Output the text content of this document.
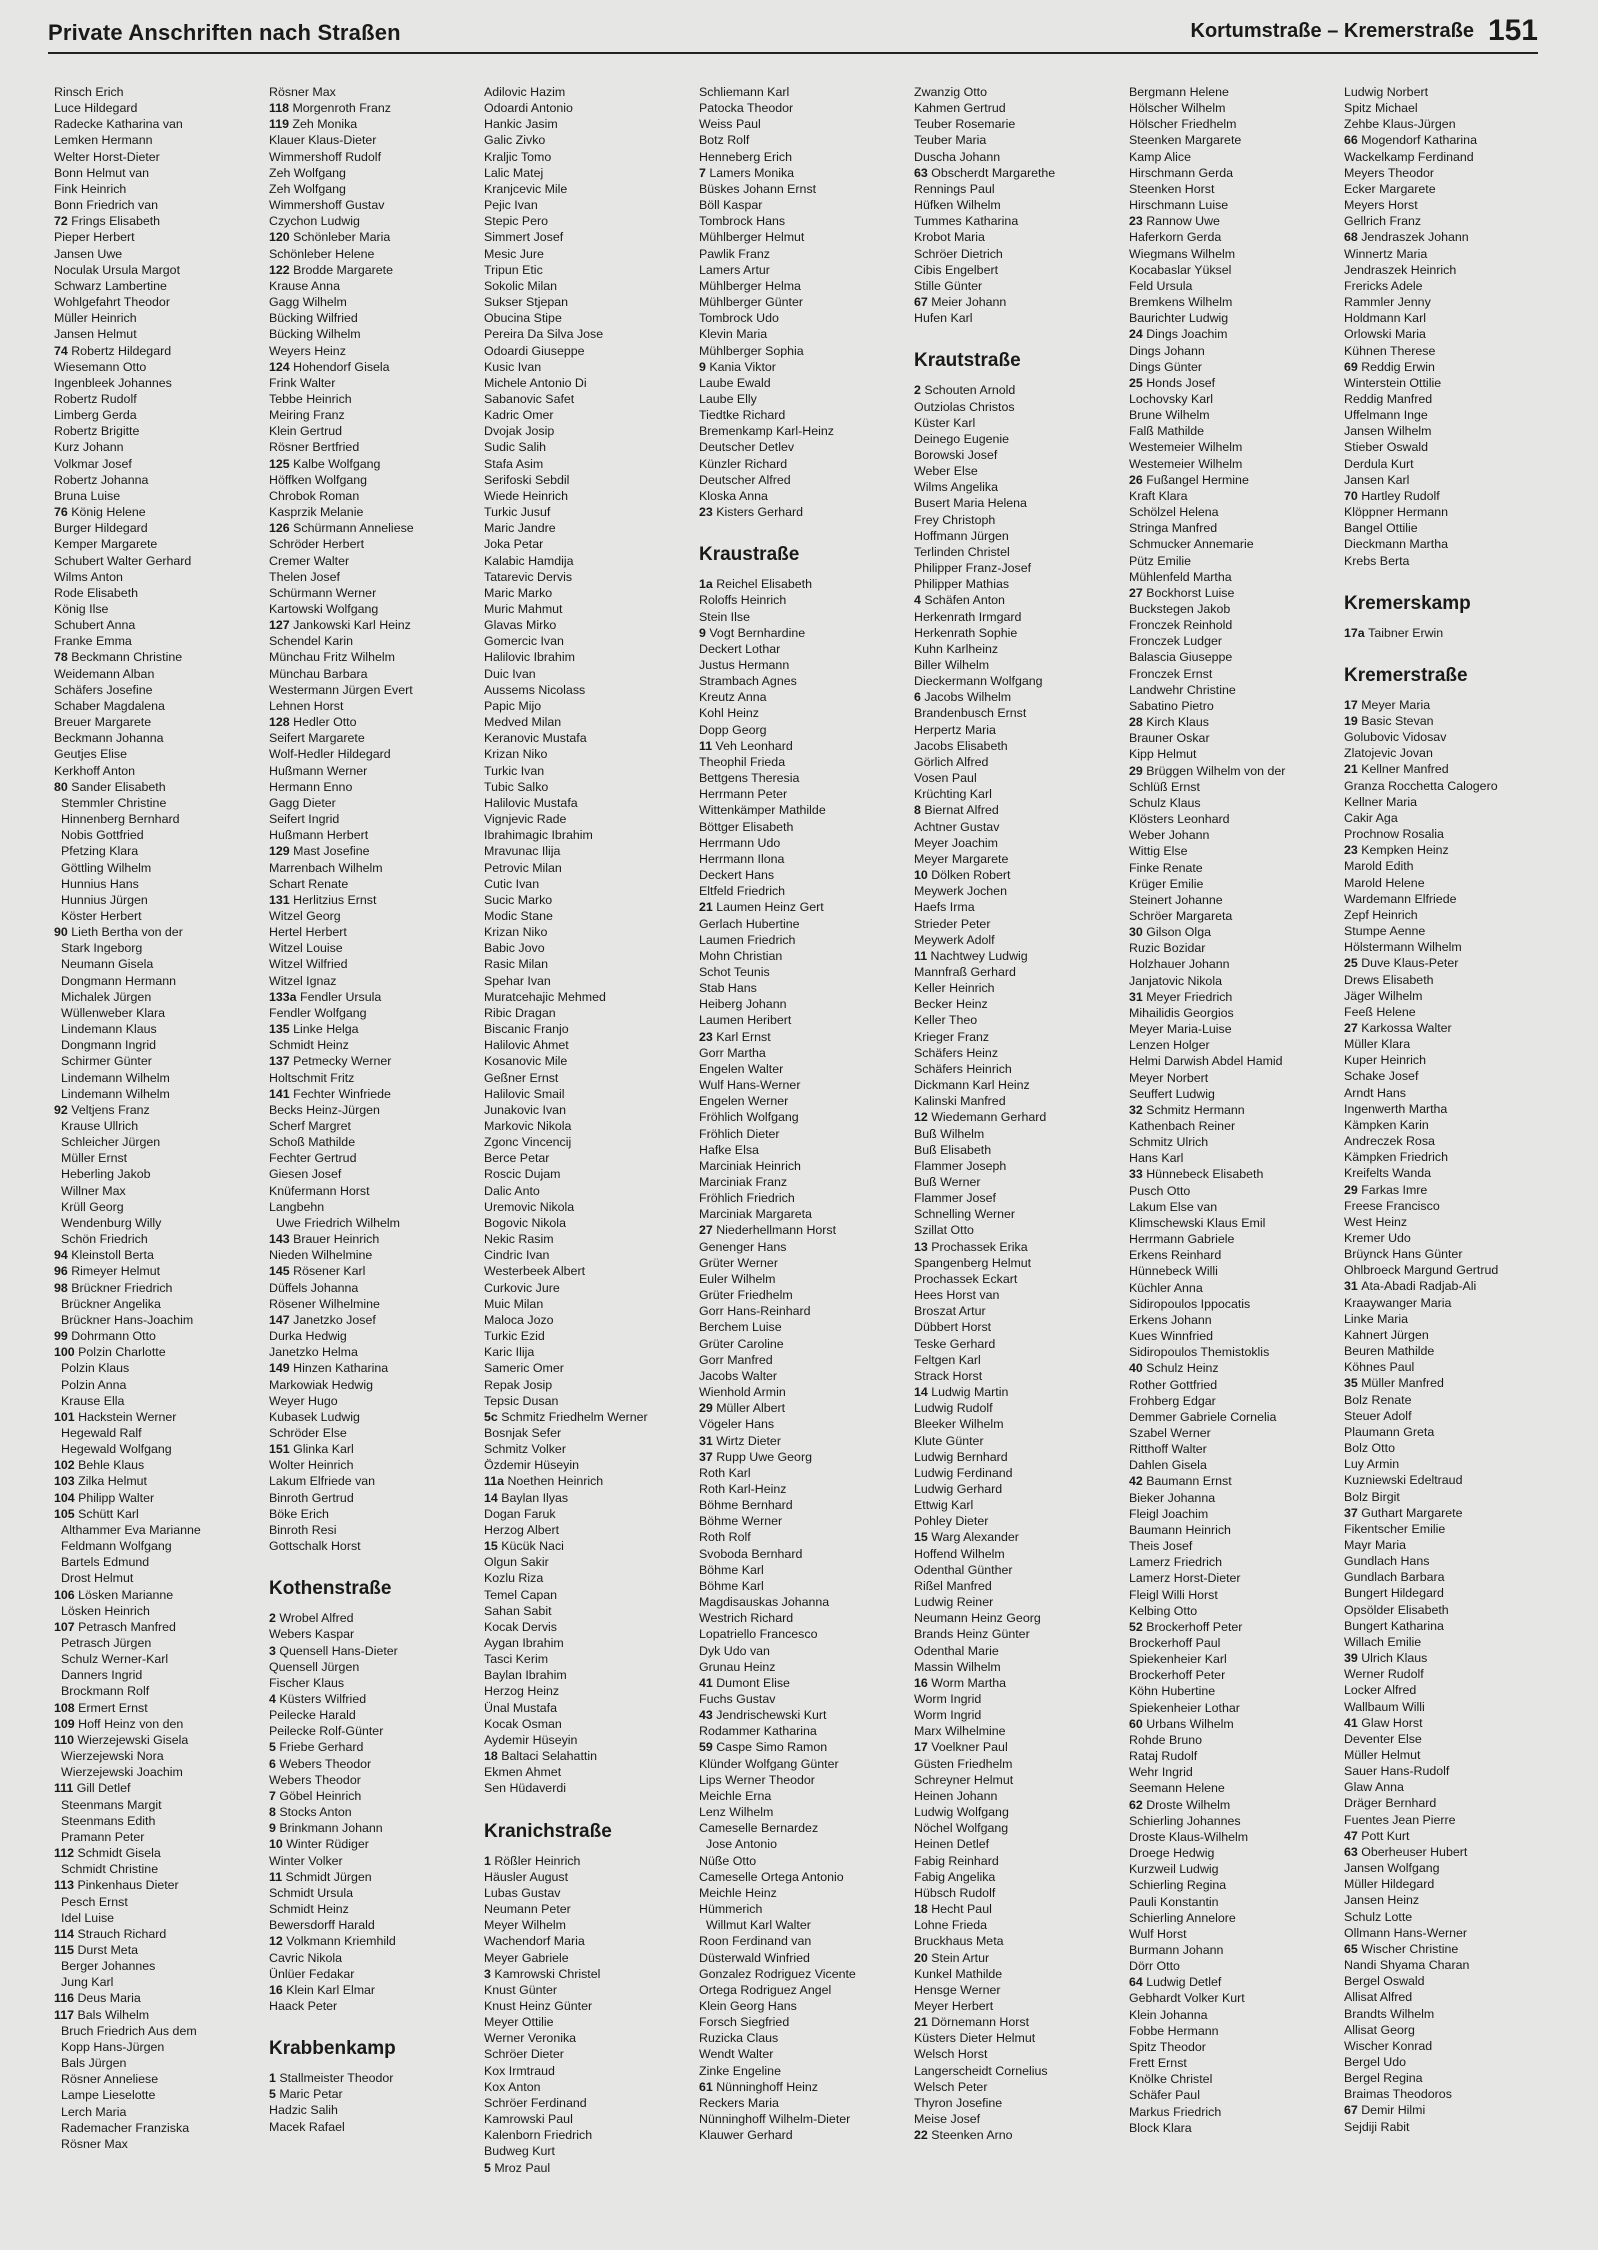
Private Anschriften nach Straßen	Kortumstraße – Kremerstraße 151
Rinsch Erich
Luce Hildegard
Radecke Katharina van
Lemken Hermann
Welter Horst-Dieter
Bonn Helmut van
Fink Heinrich
Bonn Friedrich van
72 Frings Elisabeth
Pieper Herbert
Jansen Uwe
Noculak Ursula Margot
Schwarz Lambertine
Wohlgefahrt Theodor
Müller Heinrich
Jansen Helmut
74 Robertz Hildegard
Wiesemann Otto
Ingenbleek Johannes
Robertz Rudolf
Limberg Gerda
Robertz Brigitte
Kurz Johann
Volkmar Josef
Robertz Johanna
Bruna Luise
76 König Helene
Burger Hildegard
Kemper Margarete
Schubert Walter Gerhard
Wilms Anton
Rode Elisabeth
König Ilse
Schubert Anna
Franke Emma
78 Beckmann Christine
Weidemann Alban
Schäfers Josefine
Schaber Magdalena
Breuer Margarete
Beckmann Johanna
Geutjes Elise
Kerkhoff Anton
80 Sander Elisabeth
Stemmler Christine
Hinnenberg Bernhard
Nobis Gottfried
Pfetzing Klara
Göttling Wilhelm
Hunnius Hans
Hunnius Jürgen
Köster Herbert
90 Lieth Bertha von der
Stark Ingeborg
Neumann Gisela
Dongmann Hermann
Michalek Jürgen
Wüllenweber Klara
Lindemann Klaus
Dongmann Ingrid
Schirmer Günter
Lindemann Wilhelm
Lindemann Wilhelm
92 Veltjens Franz
Krause Ullrich
Schleicher Jürgen
Müller Ernst
Heberling Jakob
Willner Max
Krüll Georg
Wendenburg Willy
Schön Friedrich
94 Kleinstoll Berta
96 Rimeyer Helmut
98 Brückner Friedrich
Brückner Angelika
Brückner Hans-Joachim
99 Dohrmann Otto
100 Polzin Charlotte
Polzin Klaus
Polzin Anna
Krause Ella
101 Hackstein Werner
Hegewald Ralf
Hegewald Wolfgang
102 Behle Klaus
103 Zilka Helmut
104 Philipp Walter
105 Schütt Karl
Althammer Eva Marianne
Feldmann Wolfgang
Bartels Edmund
Drost Helmut
106 Lösken Marianne
Lösken Heinrich
107 Petrasch Manfred
Petrasch Jürgen
Schulz Werner-Karl
Danners Ingrid
Brockmann Rolf
108 Ermert Ernst
109 Hoff Heinz von den
110 Wierzejewski Gisela
Wierzejewski Nora
Wierzejewski Joachim
111 Gill Detlef
Steenmans Margit
Steenmans Edith
Pramann Peter
112 Schmidt Gisela
Schmidt Christine
113 Pinkenhaus Dieter
Pesch Ernst
Idel Luise
114 Strauch Richard
115 Durst Meta
Berger Johannes
Jung Karl
116 Deus Maria
117 Bals Wilhelm
Bruch Friedrich Aus dem
Kopp Hans-Jürgen
Bals Jürgen
Rösner Anneliese
Lampe Lieselotte
Lerch Maria
Rademacher Franziska
Rösner Max
Rösner Max
118 Morgenroth Franz
119 Zeh Monika
Klauer Klaus-Dieter
Wimmershoff Rudolf
Zeh Wolfgang
Zeh Wolfgang
Wimmershoff Gustav
Czychon Ludwig
120 Schönleber Maria
Schönleber Helene
122 Brodde Margarete
Krause Anna
Gagg Wilhelm
Bücking Wilfried
Bücking Wilhelm
Weyers Heinz
124 Hohendorf Gisela
Frink Walter
Tebbe Heinrich
Meiring Franz
Klein Gertrud
Rösner Bertfried
125 Kalbe Wolfgang
Höffken Wolfgang
Chrobok Roman
Kasprzik Melanie
126 Schürmann Anneliese
Schröder Herbert
Cremer Walter
Thelen Josef
Schürmann Werner
Kartowski Wolfgang
127 Jankowski Karl Heinz
Schendel Karin
Münchau Fritz Wilhelm
Münchau Barbara
Westermann Jürgen Evert
Lehnen Horst
128 Hedler Otto
Seifert Margarete
Wolf-Hedler Hildegard
Hußmann Werner
Hermann Enno
Gagg Dieter
Seifert Ingrid
Hußmann Herbert
129 Mast Josefine
Marrenbach Wilhelm
Schart Renate
131 Herlitzius Ernst
Witzel Georg
Hertel Herbert
Witzel Louise
Witzel Wilfried
Witzel Ignaz
133a Fendler Ursula
Fendler Wolfgang
135 Linke Helga
Schmidt Heinz
137 Petmecky Werner
Holtschmit Fritz
141 Fechter Winfriede
Becks Heinz-Jürgen
Scherf Margret
Schoß Mathilde
Fechter Gertrud
Giesen Josef
Knüfermann Horst
Langbehn
Uwe Friedrich Wilhelm
143 Brauer Heinrich
Nieden Wilhelmine
145 Rösener Karl
Düffels Johanna
Rösener Wilhelmine
147 Janetzko Josef
Durka Hedwig
Janetzko Helma
149 Hinzen Katharina
Markowiak Hedwig
Weyer Hugo
Kubasek Ludwig
Schröder Else
151 Glinka Karl
Wolter Heinrich
Lakum Elfriede van
Binroth Gertrud
Böke Erich
Binroth Resi
Gottschalk Horst
Kothenstraße
2 Wrobel Alfred
Webers Kaspar
3 Quensell Hans-Dieter
Quensell Jürgen
Fischer Klaus
4 Küsters Wilfried
Peilecke Harald
Peilecke Rolf-Günter
5 Friebe Gerhard
6 Webers Theodor
Webers Theodor
7 Göbel Heinrich
8 Stocks Anton
9 Brinkmann Johann
10 Winter Rüdiger
Winter Volker
11 Schmidt Jürgen
Schmidt Ursula
Schmidt Heinz
Bewersdorff Harald
12 Volkmann Kriemhild
Cavric Nikola
Ünlüer Fedakar
16 Klein Karl Elmar
Haack Peter
Krabbenkamp
1 Stallmeister Theodor
5 Maric Petar
Hadzic Salih
Macek Rafael
Adilovic Hazim
Odoardi Antonio
Hankic Jasim
Galic Zivko
Kraljic Tomo
Lalic Matej
Kranjcevic Mile
Pejic Ivan
Stepic Pero
Simmert Josef
Mesic Jure
Tripun Etic
Sokolic Milan
Sukser Stjepan
Obucina Stipe
Pereira Da Silva Jose
Odoardi Giuseppe
Kusic Ivan
Michele Antonio Di
Sabanovic Safet
Kadric Omer
Dvojak Josip
Sudic Salih
Stafa Asim
Serifoski Sebdil
Wiede Heinrich
Turkic Jusuf
Maric Jandre
Joka Petar
Kalabic Hamdija
Tatarevic Dervis
Maric Marko
Muric Mahmut
Glavas Mirko
Gomercic Ivan
Halilovic Ibrahim
Duic Ivan
Aussems Nicolass
Papic Mijo
Medved Milan
Keranovic Mustafa
Krizan Niko
Turkic Ivan
Tubic Salko
Halilovic Mustafa
Vignjevic Rade
Ibrahimagic Ibrahim
Mravunac Ilija
Petrovic Milan
Cutic Ivan
Sucic Marko
Modic Stane
Krizan Niko
Babic Jovo
Rasic Milan
Spehar Ivan
Muratcehajic Mehmed
Ribic Dragan
Biscanic Franjo
Halilovic Ahmet
Kosanovic Mile
Geßner Ernst
Halilovic Smail
Junakovic Ivan
Markovic Nikola
Zgonc Vincencij
Berce Petar
Roscic Dujam
Dalic Anto
Uremovic Nikola
Bogovic Nikola
Nekic Rasim
Cindric Ivan
Westerbeek Albert
Curkovic Jure
Muic Milan
Maloca Jozo
Turkic Ezid
Karic Ilija
Sameric Omer
Repak Josip
Tepsic Dusan
5c Schmitz Friedhelm Werner
Bosnjak Sefer
Schmitz Volker
Özdemir Hüseyin
11a Noethen Heinrich
14 Baylan Ilyas
Dogan Faruk
Herzog Albert
15 Kücük Naci
Olgun Sakir
Kozlu Riza
Temel Capan
Sahan Sabit
Kocak Dervis
Aygan Ibrahim
Tasci Kerim
Baylan Ibrahim
Herzog Heinz
Ünal Mustafa
Kocak Osman
Aydemir Hüseyin
18 Baltaci Selahattin
Ekmen Ahmet
Sen Hüdaverdi
Kranichstraße
1 Rößler Heinrich
Häusler August
Lubas Gustav
Neumann Peter
Meyer Wilhelm
Wachendorf Maria
Meyer Gabriele
3 Kamrowski Christel
Knust Günter
Knust Heinz Günter
Meyer Ottilie
Werner Veronika
Schröer Dieter
Kox Irmtraud
Kox Anton
Schröer Ferdinand
Kamrowski Paul
Kalenborn Friedrich
Budweg Kurt
5 Mroz Paul
Schliemann Karl
Patocka Theodor
Weiss Paul
Botz Rolf
Henneberg Erich
7 Lamers Monika
Büskes Johann Ernst
Böll Kaspar
Tombrock Hans
Mühlberger Helmut
Pawlik Franz
Lamers Artur
Mühlberger Helma
Mühlberger Günter
Tombrock Udo
Klevin Maria
Mühlberger Sophia
9 Kania Viktor
Laube Ewald
Laube Elly
Tiedtke Richard
Bremenkamp Karl-Heinz
Deutscher Detlev
Künzler Richard
Deutscher Alfred
Kloska Anna
23 Kisters Gerhard
Kraustraße
1a Reichel Elisabeth
Roloffs Heinrich
Stein Ilse
9 Vogt Bernhardine
Deckert Lothar
Justus Hermann
Strambach Agnes
Kreutz Anna
Kohl Heinz
Dopp Georg
11 Veh Leonhard
Theophil Frieda
Bettgens Theresia
Herrmann Peter
Wittenkämper Mathilde
Böttger Elisabeth
Herrmann Udo
Herrmann Ilona
Deckert Hans
Eltfeld Friedrich
21 Laumen Heinz Gert
Gerlach Hubertine
Laumen Friedrich
Mohn Christian
Schot Teunis
Stab Hans
Heiberg Johann
Laumen Heribert
23 Karl Ernst
Gorr Martha
Engelen Walter
Wulf Hans-Werner
Engelen Werner
Fröhlich Wolfgang
Fröhlich Dieter
Hafke Elsa
Marciniak Heinrich
Marciniak Franz
Fröhlich Friedrich
Marciniak Margareta
27 Niederhellmann Horst
Genenger Hans
Grüter Werner
Euler Wilhelm
Grüter Friedhelm
Gorr Hans-Reinhard
Berchem Luise
Grüter Caroline
Gorr Manfred
Jacobs Walter
Wienhold Armin
29 Müller Albert
Vögeler Hans
31 Wirtz Dieter
37 Rupp Uwe Georg
Roth Karl
Roth Karl-Heinz
Böhme Bernhard
Böhme Werner
Roth Rolf
Svoboda Bernhard
Böhme Karl
Böhme Karl
Magdisauskas Johanna
Westrich Richard
Lopatriello Francesco
Dyk Udo van
Grunau Heinz
41 Dumont Elise
Fuchs Gustav
43 Jendrischewski Kurt
Rodammer Katharina
59 Caspe Simo Ramon
Klünder Wolfgang Günter
Lips Werner Theodor
Meichle Erna
Lenz Wilhelm
Cameselle Bernardez
Jose Antonio
Nüße Otto
Cameselle Ortega Antonio
Meichle Heinz
Hümmerich
Willmut Karl Walter
Roon Ferdinand van
Düsterwald Winfried
Gonzalez Rodriguez Vicente
Ortega Rodriguez Angel
Klein Georg Hans
Forsch Siegfried
Ruzicka Claus
Wendt Walter
Zinke Engeline
61 Nünninghoff Heinz
Reckers Maria
Nünninghoff Wilhelm-Dieter
Klauwer Gerhard
Zwanzig Otto
Kahmen Gertrud
Teuber Rosemarie
Teuber Maria
Duscha Johann
63 Obscherdt Margarethe
Rennings Paul
Hüfken Wilhelm
Tummes Katharina
Krobot Maria
Schröer Dietrich
Cibis Engelbert
Stille Günter
67 Meier Johann
Hufen Karl
Krautstraße
2 Schouten Arnold
Outziolas Christos
Küster Karl
Deinego Eugenie
Borowski Josef
Weber Else
Wilms Angelika
Busert Maria Helena
Frey Christoph
Hoffmann Jürgen
Terlinden Christel
Philipper Franz-Josef
Philipper Mathias
4 Schäfen Anton
Herkenrath Irmgard
Herkenrath Sophie
Kuhn Karlheinz
Biller Wilhelm
Dieckermann Wolfgang
6 Jacobs Wilhelm
Brandenbusch Ernst
Herpertz Maria
Jacobs Elisabeth
Görlich Alfred
Vosen Paul
Krüchting Karl
8 Biernat Alfred
Achtner Gustav
Meyer Joachim
Meyer Margarete
10 Dölken Robert
Meywerk Jochen
Haefs Irma
Strieder Peter
Meywerk Adolf
11 Nachtwey Ludwig
Mannfraß Gerhard
Keller Heinrich
Becker Heinz
Keller Theo
Krieger Franz
Schäfers Heinz
Schäfers Heinrich
Dickmann Karl Heinz
Kalinski Manfred
12 Wiedemann Gerhard
Buß Wilhelm
Buß Elisabeth
Flammer Joseph
Buß Werner
Flammer Josef
Schnelling Werner
Szillat Otto
13 Prochassek Erika
Spangenberg Helmut
Prochassek Eckart
Hees Horst van
Broszat Artur
Dübbert Horst
Teske Gerhard
Feltgen Karl
Strack Horst
14 Ludwig Martin
Ludwig Rudolf
Bleeker Wilhelm
Klute Günter
Ludwig Bernhard
Ludwig Ferdinand
Ludwig Gerhard
Ettwig Karl
Pohley Dieter
15 Warg Alexander
Hoffend Wilhelm
Odenthal Günther
Rißel Manfred
Ludwig Reiner
Neumann Heinz Georg
Brands Heinz Günter
Odenthal Marie
Massin Wilhelm
16 Worm Martha
Worm Ingrid
Worm Ingrid
Marx Wilhelmine
17 Voelkner Paul
Güsten Friedhelm
Schreyner Helmut
Heinen Johann
Ludwig Wolfgang
Nöchel Wolfgang
Heinen Detlef
Fabig Reinhard
Fabig Angelika
Hübsch Rudolf
18 Hecht Paul
Lohne Frieda
Bruckhaus Meta
20 Stein Artur
Kunkel Mathilde
Hensge Werner
Meyer Herbert
21 Dörnemann Horst
Küsters Dieter Helmut
Welsch Horst
Langerscheidt Cornelius
Welsch Peter
Thyron Josefine
Meise Josef
22 Steenken Arno
Bergmann Helene
Hölscher Wilhelm
Hölscher Friedhelm
Steenken Margarete
Kamp Alice
Hirschmann Gerda
Steenken Horst
Hirschmann Luise
23 Rannow Uwe
Haferkorn Gerda
Wiegmans Wilhelm
Kocabaslar Yüksel
Feld Ursula
Bremkens Wilhelm
Baurichter Ludwig
24 Dings Joachim
Dings Johann
Dings Günter
25 Honds Josef
Lochovsky Karl
Brune Wilhelm
Falß Mathilde
Westemeier Wilhelm
Westemeier Wilhelm
26 Fußangel Hermine
Kraft Klara
Schölzel Helena
Stringa Manfred
Schmucker Annemarie
Pütz Emilie
Mühlenfeld Martha
27 Bockhorst Luise
Buckstegen Jakob
Fronczek Reinhold
Fronczek Ludger
Balascia Giuseppe
Fronczek Ernst
Landwehr Christine
Sabatino Pietro
28 Kirch Klaus
Brauner Oskar
Kipp Helmut
29 Brüggen Wilhelm von der
Schlüß Ernst
Schulz Klaus
Klösters Leonhard
Weber Johann
Wittig Else
Finke Renate
Krüger Emilie
Steinert Johanne
Schröer Margareta
30 Gilson Olga
Ruzic Bozidar
Holzhauer Johann
Janjatovic Nikola
31 Meyer Friedrich
Mihailidis Georgios
Meyer Maria-Luise
Lenzen Holger
Helmi Darwish Abdel Hamid
Meyer Norbert
Seuffert Ludwig
32 Schmitz Hermann
Kathenbach Reiner
Schmitz Ulrich
Hans Karl
33 Hünnebeck Elisabeth
Pusch Otto
Lakum Else van
Klimschewski Klaus Emil
Herrmann Gabriele
Erkens Reinhard
Hünnebeck Willi
Küchler Anna
Sidiropoulos Ippocatis
Erkens Johann
Kues Winnfried
Sidiropoulos Themistoklis
40 Schulz Heinz
Rother Gottfried
Frohberg Edgar
Demmer Gabriele Cornelia
Szabel Werner
Ritthoff Walter
Dahlen Gisela
42 Baumann Ernst
Bieker Johanna
Fleigl Joachim
Baumann Heinrich
Theis Josef
Lamerz Friedrich
Lamerz Horst-Dieter
Fleigl Willi Horst
Kelbing Otto
52 Brockerhoff Peter
Brockerhoff Paul
Spiekenheier Karl
Brockerhoff Peter
Köhn Hubertine
Spiekenheier Lothar
60 Urbans Wilhelm
Rohde Bruno
Rataj Rudolf
Wehr Ingrid
Seemann Helene
62 Droste Wilhelm
Schierling Johannes
Droste Klaus-Wilhelm
Droege Hedwig
Kurzweil Ludwig
Schierling Regina
Pauli Konstantin
Schierling Annelore
Wulf Horst
Burmann Johann
Dörr Otto
64 Ludwig Detlef
Gebhardt Volker Kurt
Klein Johanna
Fobbe Hermann
Spitz Theodor
Frett Ernst
Knölke Christel
Schäfer Paul
Markus Friedrich
Block Klara
Ludwig Norbert
Spitz Michael
Zehbe Klaus-Jürgen
66 Mogendorf Katharina
Wackelkamp Ferdinand
Meyers Theodor
Ecker Margarete
Meyers Horst
Gellrich Franz
68 Jendraszek Johann
Winnertz Maria
Jendraszek Heinrich
Frericks Adele
Rammler Jenny
Holdmann Karl
Orlowski Maria
Kühnen Therese
69 Reddig Erwin
Winterstein Ottilie
Reddig Manfred
Uffelmann Inge
Jansen Wilhelm
Stieber Oswald
Derdula Kurt
Jansen Karl
70 Hartley Rudolf
Klöppner Hermann
Bangel Ottilie
Dieckmann Martha
Krebs Berta
Kremerskamp
17a Taibner Erwin
Kremerstraße
17 Meyer Maria
19 Basic Stevan
Golubovic Vidosav
Zlatojevic Jovan
21 Kellner Manfred
Granza Rocchetta Calogero
Kellner Maria
Cakir Aga
Prochnow Rosalia
23 Kempken Heinz
Marold Edith
Marold Helene
Wardemann Elfriede
Zepf Heinrich
Stumpe Aenne
Hölstermann Wilhelm
25 Duve Klaus-Peter
Drews Elisabeth
Jäger Wilhelm
Feeß Helene
27 Karkossa Walter
Müller Klara
Kuper Heinrich
Schake Josef
Arndt Hans
Ingenwerth Martha
Kämpken Karin
Andreczek Rosa
Kämpken Friedrich
Kreifelts Wanda
29 Farkas Imre
Freese Francisco
West Heinz
Kremer Udo
Brüynck Hans Günter
Ohlbroeck Margund Gertrud
31 Ata-Abadi Radjab-Ali
Kraaywanger Maria
Linke Maria
Kahnert Jürgen
Beuren Mathilde
Köhnes Paul
35 Müller Manfred
Bolz Renate
Steuer Adolf
Plaumann Greta
Bolz Otto
Luy Armin
Kuzniewski Edeltraud
Bolz Birgit
37 Guthart Margarete
Fikentscher Emilie
Mayr Maria
Gundlach Hans
Gundlach Barbara
Bungert Hildegard
Opsölder Elisabeth
Bungert Katharina
Willach Emilie
39 Ulrich Klaus
Werner Rudolf
Locker Alfred
Wallbaum Willi
41 Glaw Horst
Deventer Else
Müller Helmut
Sauer Hans-Rudolf
Glaw Anna
Dräger Bernhard
Fuentes Jean Pierre
47 Pott Kurt
63 Oberheuser Hubert
Jansen Wolfgang
Müller Hildegard
Jansen Heinz
Schulz Lotte
Ollmann Hans-Werner
65 Wischer Christine
Nandi Shyama Charan
Bergel Oswald
Allisat Alfred
Brandts Wilhelm
Allisat Georg
Wischer Konrad
Bergel Udo
Bergel Regina
Braimas Theodoros
67 Demir Hilmi
Sejdiji Rabit
